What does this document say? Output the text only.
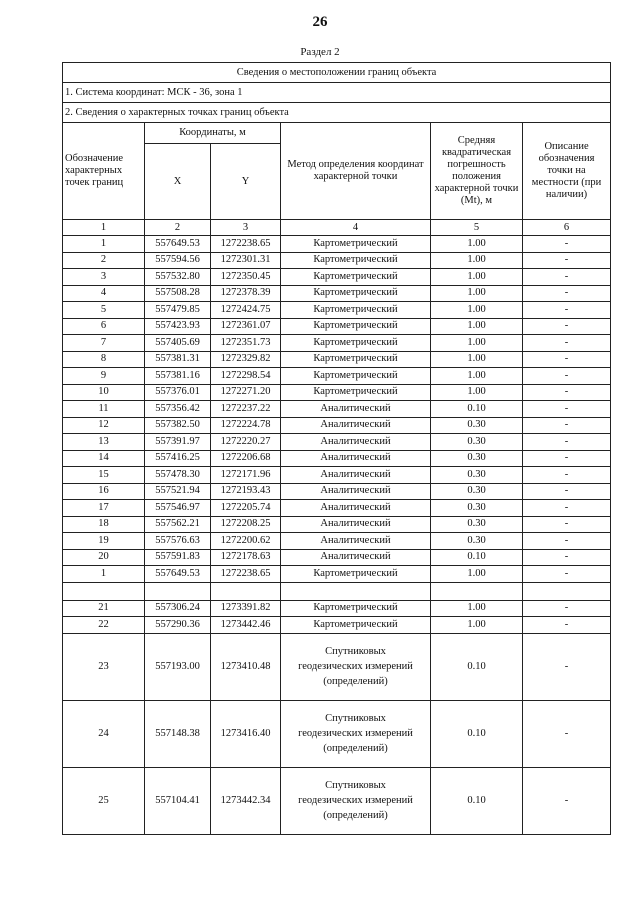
26
Раздел 2
Сведения о местоположении границ объекта					
1. Система координат: МСК - 36, зона 1					
2. Сведения о характерных точках границ объекта					
Обозначение характерных точек границ	Координаты, м		Метод определения координат характерной точки	Средняя квадратическая погрешность положения характерной точки (Mt), м	Описание обозначения точки на местности (при наличии)
	X	Y			
1	2	3	4	5	6
1	557649.53	1272238.65	Картометрический	1.00	-
2	557594.56	1272301.31	Картометрический	1.00	-
3	557532.80	1272350.45	Картометрический	1.00	-
4	557508.28	1272378.39	Картометрический	1.00	-
5	557479.85	1272424.75	Картометрический	1.00	-
6	557423.93	1272361.07	Картометрический	1.00	-
7	557405.69	1272351.73	Картометрический	1.00	-
8	557381.31	1272329.82	Картометрический	1.00	-
9	557381.16	1272298.54	Картометрический	1.00	-
10	557376.01	1272271.20	Картометрический	1.00	-
11	557356.42	1272237.22	Аналитический	0.10	-
12	557382.50	1272224.78	Аналитический	0.30	-
13	557391.97	1272220.27	Аналитический	0.30	-
14	557416.25	1272206.68	Аналитический	0.30	-
15	557478.30	1272171.96	Аналитический	0.30	-
16	557521.94	1272193.43	Аналитический	0.30	-
17	557546.97	1272205.74	Аналитический	0.30	-
18	557562.21	1272208.25	Аналитический	0.30	-
19	557576.63	1272200.62	Аналитический	0.30	-
20	557591.83	1272178.63	Аналитический	0.10	-
1	557649.53	1272238.65	Картометрический	1.00	-

21	557306.24	1273391.82	Картометрический	1.00	-
22	557290.36	1273442.46	Картометрический	1.00	-
23	557193.00	1273410.48	Спутниковых
геодезических измерений
(определений)	0.10	-
24	557148.38	1273416.40	Спутниковых
геодезических измерений
(определений)	0.10	-
25	557104.41	1273442.34	Спутниковых
геодезических измерений
(определений)	0.10	-
